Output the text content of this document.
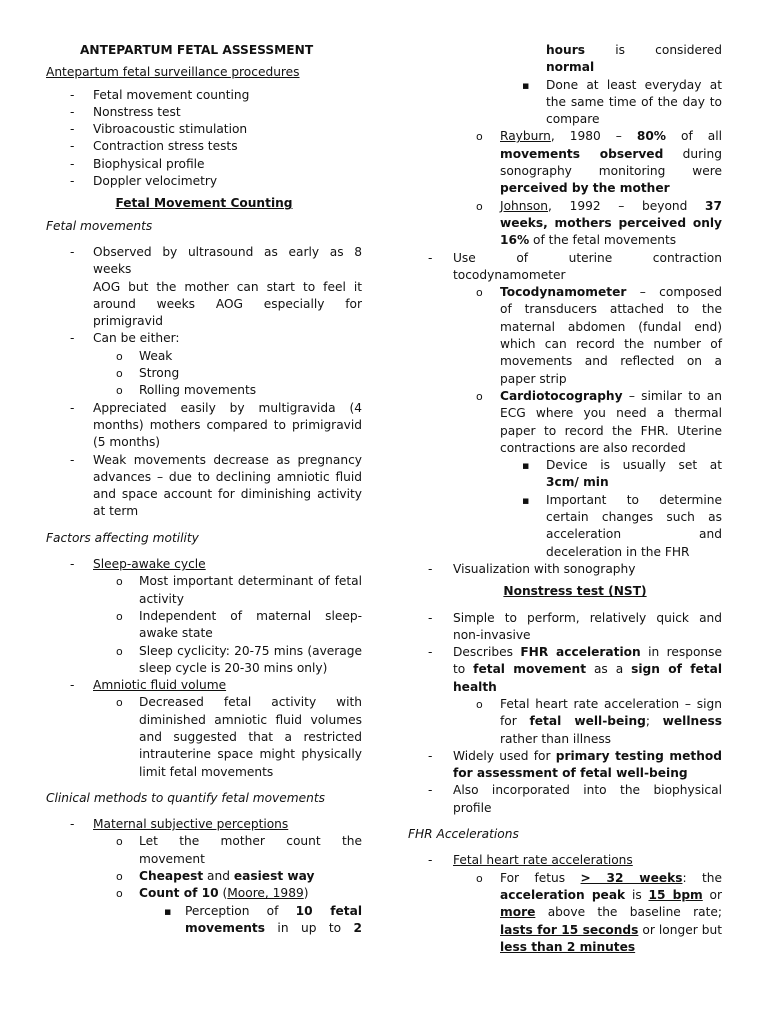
ANTEPARTUM FETAL ASSESSMENT
Antepartum fetal surveillance procedures
-
Fetal movement counting
-
Nonstress test
-
Vibroacoustic stimulation
-
Contraction stress tests
-
Biophysical profile
-
Doppler velocimetry
Fetal Movement Counting
Fetal movements
-
Observed by ultrasound as early as 8 weeks
AOG but the mother can start to feel it
around weeks AOG especially for
primigravid
-
Can be either:
o
Weak
o
Strong
o
Rolling movements
-
Appreciated easily by multigravida (4
months) mothers compared to primigravid
(5 months)
-
Weak movements decrease as pregnancy
advances – due to declining amniotic fluid
and space account for diminishing activity
at term
Factors affecting motility
-
Sleep-awake cycle
o
Most important determinant of fetal
activity
o
Independent of maternal sleep-
awake state
o
Sleep cyclicity: 20-75 mins (average
sleep cycle is 20-30 mins only)
-
Amniotic fluid volume
o
Decreased fetal activity with
diminished amniotic fluid volumes
and suggested that a restricted
intrauterine space might physically
limit fetal movements
Clinical methods to quantify fetal movements
-
Maternal subjective perceptions
o
Let the mother count the
movement
o
Cheapest and easiest way
o
Count of 10 (Moore, 1989)
▪
Perception of 10 fetal
movements in up to 2
hours is considered
normal
▪
Done at least everyday at
the same time of the day to
compare
o
Rayburn, 1980 – 80% of all
movements observed during
sonography monitoring were
perceived by the mother
o
Johnson, 1992 – beyond 37
weeks, mothers perceived only
16% of the fetal movements
-
Use of uterine contraction
tocodynamometer
o
Tocodynamometer – composed
of transducers attached to the
maternal abdomen (fundal end)
which can record the number of
movements and reflected on a
paper strip
o
Cardiotocography – similar to an
ECG where you need a thermal
paper to record the FHR. Uterine
contractions are also recorded
▪
Device is usually set at
3cm/ min
▪
Important to determine
certain changes such as
acceleration and
deceleration in the FHR
-
Visualization with sonography
Nonstress test (NST)
-
Simple to perform, relatively quick and
non-invasive
-
Describes FHR acceleration in response
to fetal movement as a sign of fetal
health
o
Fetal heart rate acceleration – sign
for fetal well-being; wellness
rather than illness
-
Widely used for primary testing method
for assessment of fetal well-being
-
Also incorporated into the biophysical
profile
FHR Accelerations
-
Fetal heart rate accelerations
o
For fetus > 32 weeks: the
acceleration peak is 15 bpm or
more above the baseline rate;
lasts for 15 seconds or longer but
less than 2 minutes
